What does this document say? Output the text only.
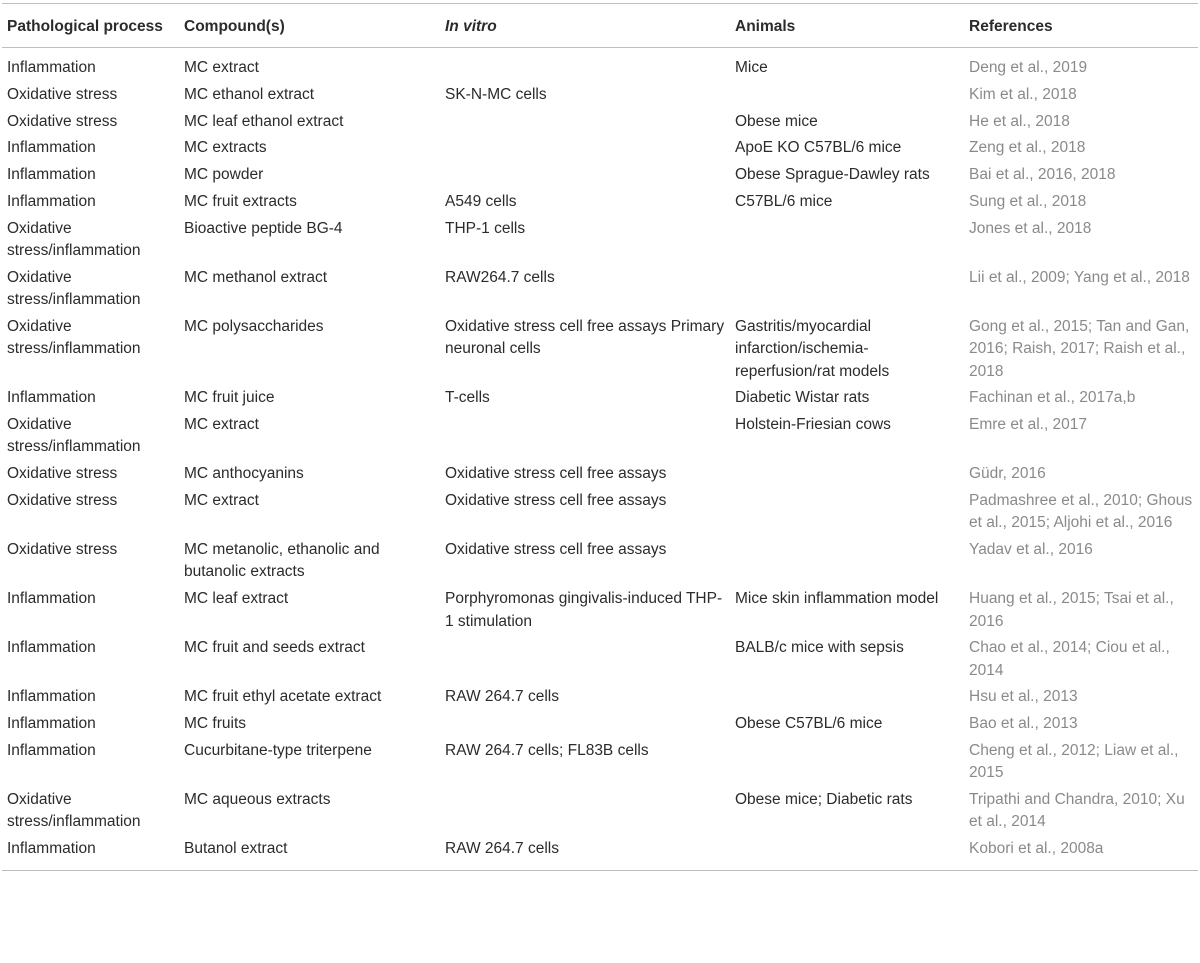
Pathological process	Compound(s)	In vitro	Animals	References
Inflammation	MC extract		Mice	Deng et al., 2019
Oxidative stress	MC ethanol extract	SK-N-MC cells		Kim et al., 2018
Oxidative stress	MC leaf ethanol extract		Obese mice	He et al., 2018
Inflammation	MC extracts		ApoE KO C57BL/6 mice	Zeng et al., 2018
Inflammation	MC powder		Obese Sprague-Dawley rats	Bai et al., 2016, 2018
Inflammation	MC fruit extracts	A549 cells	C57BL/6 mice	Sung et al., 2018
Oxidative stress/inflammation	Bioactive peptide BG-4	THP-1 cells		Jones et al., 2018
Oxidative stress/inflammation	MC methanol extract	RAW264.7 cells		Lii et al., 2009; Yang et al., 2018
Oxidative stress/inflammation	MC polysaccharides	Oxidative stress cell free assays Primary neuronal cells	Gastritis/myocardial infarction/ischemia-reperfusion/rat models	Gong et al., 2015; Tan and Gan, 2016; Raish, 2017; Raish et al., 2018
Inflammation	MC fruit juice	T-cells	Diabetic Wistar rats	Fachinan et al., 2017a,b
Oxidative stress/inflammation	MC extract		Holstein-Friesian cows	Emre et al., 2017
Oxidative stress	MC anthocyanins	Oxidative stress cell free assays		Güdr, 2016
Oxidative stress	MC extract	Oxidative stress cell free assays		Padmashree et al., 2010; Ghous et al., 2015; Aljohi et al., 2016
Oxidative stress	MC metanolic, ethanolic and butanolic extracts	Oxidative stress cell free assays		Yadav et al., 2016
Inflammation	MC leaf extract	Porphyromonas gingivalis-induced THP-1 stimulation	Mice skin inflammation model	Huang et al., 2015; Tsai et al., 2016
Inflammation	MC fruit and seeds extract		BALB/c mice with sepsis	Chao et al., 2014; Ciou et al., 2014
Inflammation	MC fruit ethyl acetate extract	RAW 264.7 cells		Hsu et al., 2013
Inflammation	MC fruits		Obese C57BL/6 mice	Bao et al., 2013
Inflammation	Cucurbitane-type triterpene	RAW 264.7 cells; FL83B cells		Cheng et al., 2012; Liaw et al., 2015
Oxidative stress/inflammation	MC aqueous extracts		Obese mice; Diabetic rats	Tripathi and Chandra, 2010; Xu et al., 2014
Inflammation	Butanol extract	RAW 264.7 cells		Kobori et al., 2008a
